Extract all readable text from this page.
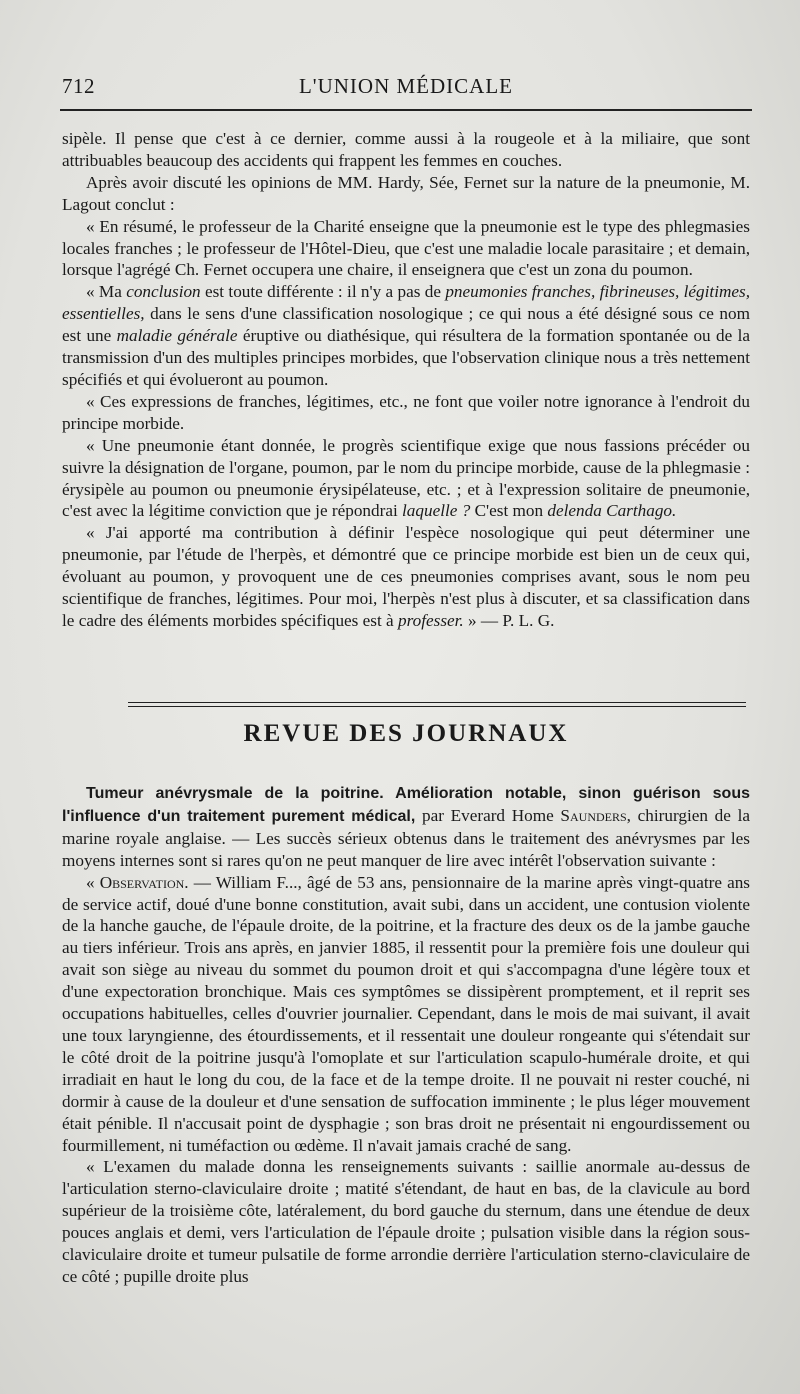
712	L'UNION MÉDICALE

sipèle. Il pense que c'est à ce dernier, comme aussi à la rougeole et à la miliaire, que sont attribuables beaucoup des accidents qui frappent les femmes en couches.

Après avoir discuté les opinions de MM. Hardy, Sée, Fernet sur la nature de la pneumonie, M. Lagout conclut :

« En résumé, le professeur de la Charité enseigne que la pneumonie est le type des phlegmasies locales franches ; le professeur de l'Hôtel-Dieu, que c'est une maladie locale parasitaire ; et demain, lorsque l'agrégé Ch. Fernet occupera une chaire, il enseignera que c'est un zona du poumon.

« Ma conclusion est toute différente : il n'y a pas de pneumonies franches, fibrineuses, légitimes, essentielles, dans le sens d'une classification nosologique ; ce qui nous a été désigné sous ce nom est une maladie générale éruptive ou diathésique, qui résultera de la formation spontanée ou de la transmission d'un des multiples principes morbides, que l'observation clinique nous a très nettement spécifiés et qui évolueront au poumon.

« Ces expressions de franches, légitimes, etc., ne font que voiler notre ignorance à l'endroit du principe morbide.

« Une pneumonie étant donnée, le progrès scientifique exige que nous fassions précéder ou suivre la désignation de l'organe, poumon, par le nom du principe morbide, cause de la phlegmasie : érysipèle au poumon ou pneumonie érysipélateuse, etc. ; et à l'expression solitaire de pneumonie, c'est avec la légitime conviction que je répondrai laquelle ? C'est mon delenda Carthago.

« J'ai apporté ma contribution à définir l'espèce nosologique qui peut déterminer une pneumonie, par l'étude de l'herpès, et démontré que ce principe morbide est bien un de ceux qui, évoluant au poumon, y provoquent une de ces pneumonies comprises avant, sous le nom peu scientifique de franches, légitimes. Pour moi, l'herpès n'est plus à discuter, et sa classification dans le cadre des éléments morbides spécifiques est à professer. » — P. L. G.

REVUE DES JOURNAUX

Tumeur anévrysmale de la poitrine. Amélioration notable, sinon guérison sous l'influence d'un traitement purement médical, par Everard Home Saunders, chirurgien de la marine royale anglaise. — Les succès sérieux obtenus dans le traitement des anévrysmes par les moyens internes sont si rares qu'on ne peut manquer de lire avec intérêt l'observation suivante :

« Observation. — William F..., âgé de 53 ans, pensionnaire de la marine après vingt-quatre ans de service actif, doué d'une bonne constitution, avait subi, dans un accident, une contusion violente de la hanche gauche, de l'épaule droite, de la poitrine, et la fracture des deux os de la jambe gauche au tiers inférieur. Trois ans après, en janvier 1885, il ressentit pour la première fois une douleur qui avait son siège au niveau du sommet du poumon droit et qui s'accompagna d'une légère toux et d'une expectoration bronchique. Mais ces symptômes se dissipèrent promptement, et il reprit ses occupations habituelles, celles d'ouvrier journalier. Cependant, dans le mois de mai suivant, il avait une toux laryngienne, des étourdissements, et il ressentait une douleur rongeante qui s'étendait sur le côté droit de la poitrine jusqu'à l'omoplate et sur l'articulation scapulo-humérale droite, et qui irradiait en haut le long du cou, de la face et de la tempe droite. Il ne pouvait ni rester couché, ni dormir à cause de la douleur et d'une sensation de suffocation imminente ; le plus léger mouvement était pénible. Il n'accusait point de dysphagie ; son bras droit ne présentait ni engourdissement ou fourmillement, ni tuméfaction ou œdème. Il n'avait jamais craché de sang.

« L'examen du malade donna les renseignements suivants : saillie anormale au-dessus de l'articulation sterno-claviculaire droite ; matité s'étendant, de haut en bas, de la clavicule au bord supérieur de la troisième côte, latéralement, du bord gauche du sternum, dans une étendue de deux pouces anglais et demi, vers l'articulation de l'épaule droite ; pulsation visible dans la région sous-claviculaire droite et tumeur pulsatile de forme arrondie derrière l'articulation sterno-claviculaire de ce côté ; pupille droite plus
